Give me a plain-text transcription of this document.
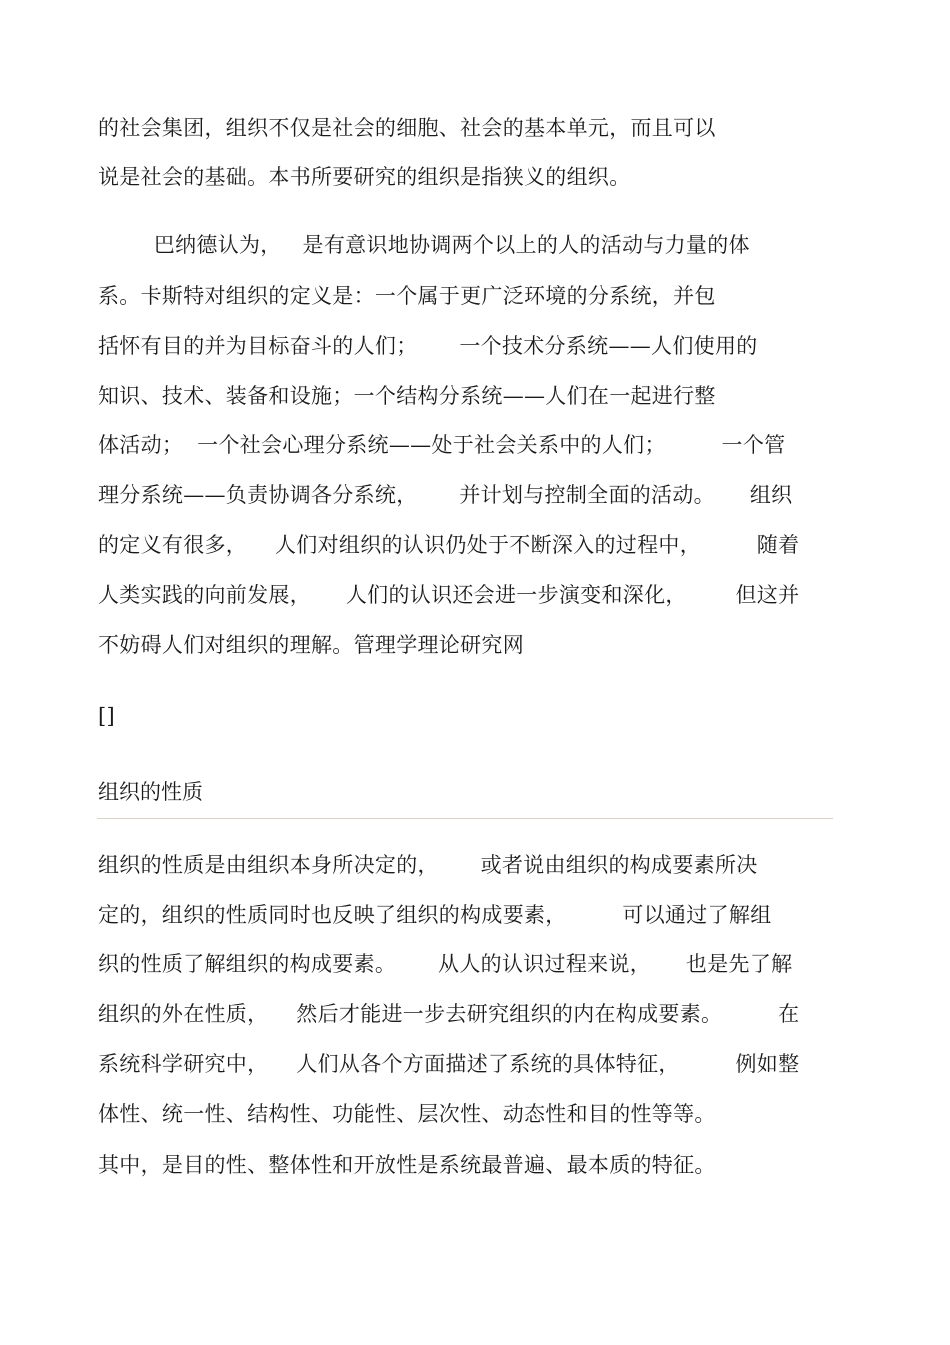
的社会集团，组织不仅是社会的细胞、社会的基本单元，而且可以
说是社会的基础。本书所要研究的组织是指狭义的组织。
巴纳德认为，   是有意识地协调两个以上的人的活动与力量的体
系。卡斯特对组织的定义是：一个属于更广泛环境的分系统，并包
括怀有目的并为目标奋斗的人们；      一个技术分系统——人们使用的
知识、技术、装备和设施；一个结构分系统——人们在一起进行整
体活动；  一个社会心理分系统——处于社会关系中的人们；        一个管
理分系统——负责协调各分系统，      并计划与控制全面的活动。     组织
的定义有很多，    人们对组织的认识仍处于不断深入的过程中，        随着
人类实践的向前发展，     人们的认识还会进一步演变和深化，       但这并
不妨碍人们对组织的理解。管理学理论研究网
[]
组织的性质
组织的性质是由组织本身所决定的，      或者说由组织的构成要素所决
定的，组织的性质同时也反映了组织的构成要素，        可以通过了解组
织的性质了解组织的构成要素。      从人的认识过程来说，     也是先了解
组织的外在性质，    然后才能进一步去研究组织的内在构成要素。        在
系统科学研究中，    人们从各个方面描述了系统的具体特征，        例如整
体性、统一性、结构性、功能性、层次性、动态性和目的性等等。
其中，是目的性、整体性和开放性是系统最普遍、最本质的特征。
